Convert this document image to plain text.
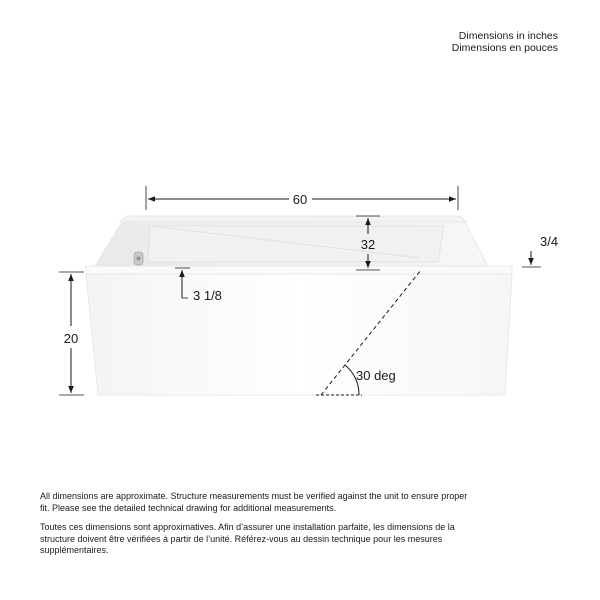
Dimensions in inches
Dimensions en pouces
60
32	3/4
3 1/8
20
30 deg

All dimensions are approximate. Structure measurements must be verified against the unit to ensure proper fit. Please see the detailed technical drawing for additional measurements.

Toutes ces dimensions sont approximatives. Afin d’assurer une installation parfaite, les dimensions de la structure doivent être vérifiées à partir de l’unité. Référez-vous au dessin technique pour les mesures supplémentaires.
